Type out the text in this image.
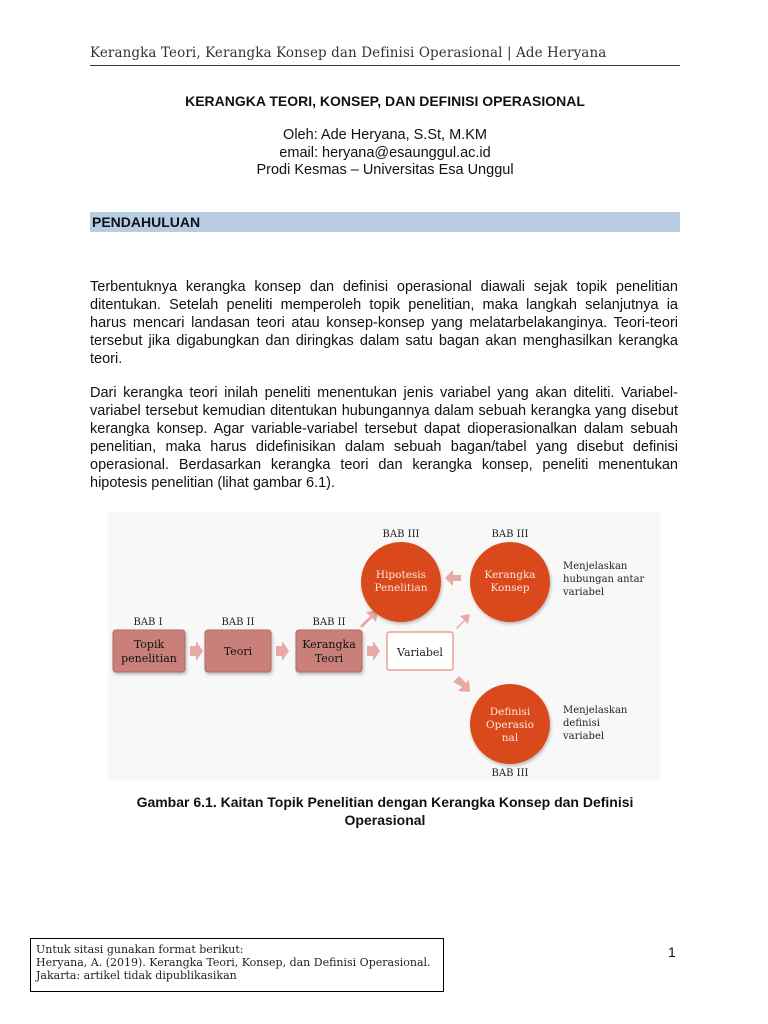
Kerangka Teori, Kerangka Konsep dan Definisi Operasional | Ade Heryana
KERANGKA TEORI, KONSEP, DAN DEFINISI OPERASIONAL
Oleh: Ade Heryana, S.St, M.KM
email: heryana@esaunggul.ac.id
Prodi Kesmas – Universitas Esa Unggul
PENDAHULUAN
Terbentuknya kerangka konsep dan definisi operasional diawali sejak topik penelitian ditentukan. Setelah peneliti memperoleh topik penelitian, maka langkah selanjutnya ia harus mencari landasan teori atau konsep-konsep yang melatarbelakanginya. Teori-teori tersebut jika digabungkan dan diringkas dalam satu bagan akan menghasilkan kerangka teori.
Dari kerangka teori inilah peneliti menentukan jenis variabel yang akan diteliti. Variabel-variabel tersebut kemudian ditentukan hubungannya dalam sebuah kerangka yang disebut kerangka konsep. Agar variable-variabel tersebut dapat dioperasionalkan dalam sebuah penelitian, maka harus didefinisikan dalam sebuah bagan/tabel yang disebut definisi operasional. Berdasarkan kerangka teori dan kerangka konsep, peneliti menentukan hipotesis penelitian (lihat gambar 6.1).
BAB I
Topik
penelitian
BAB II
Teori
BAB II
Kerangka
Teori	Variabel
BAB III
Hipotesis
Penelitian
BAB III
Kerangka
Konsep
Menjelaskan
hubungan antar
variabel
Definisi
Operasio
nal
BAB III
Menjelaskan
definisi
variabel
Gambar 6.1. Kaitan Topik Penelitian dengan Kerangka Konsep dan Definisi
Operasional
Untuk sitasi gunakan format berikut:
Heryana, A. (2019). Kerangka Teori, Konsep, dan Definisi Operasional.
Jakarta: artikel tidak dipublikasikan
1
